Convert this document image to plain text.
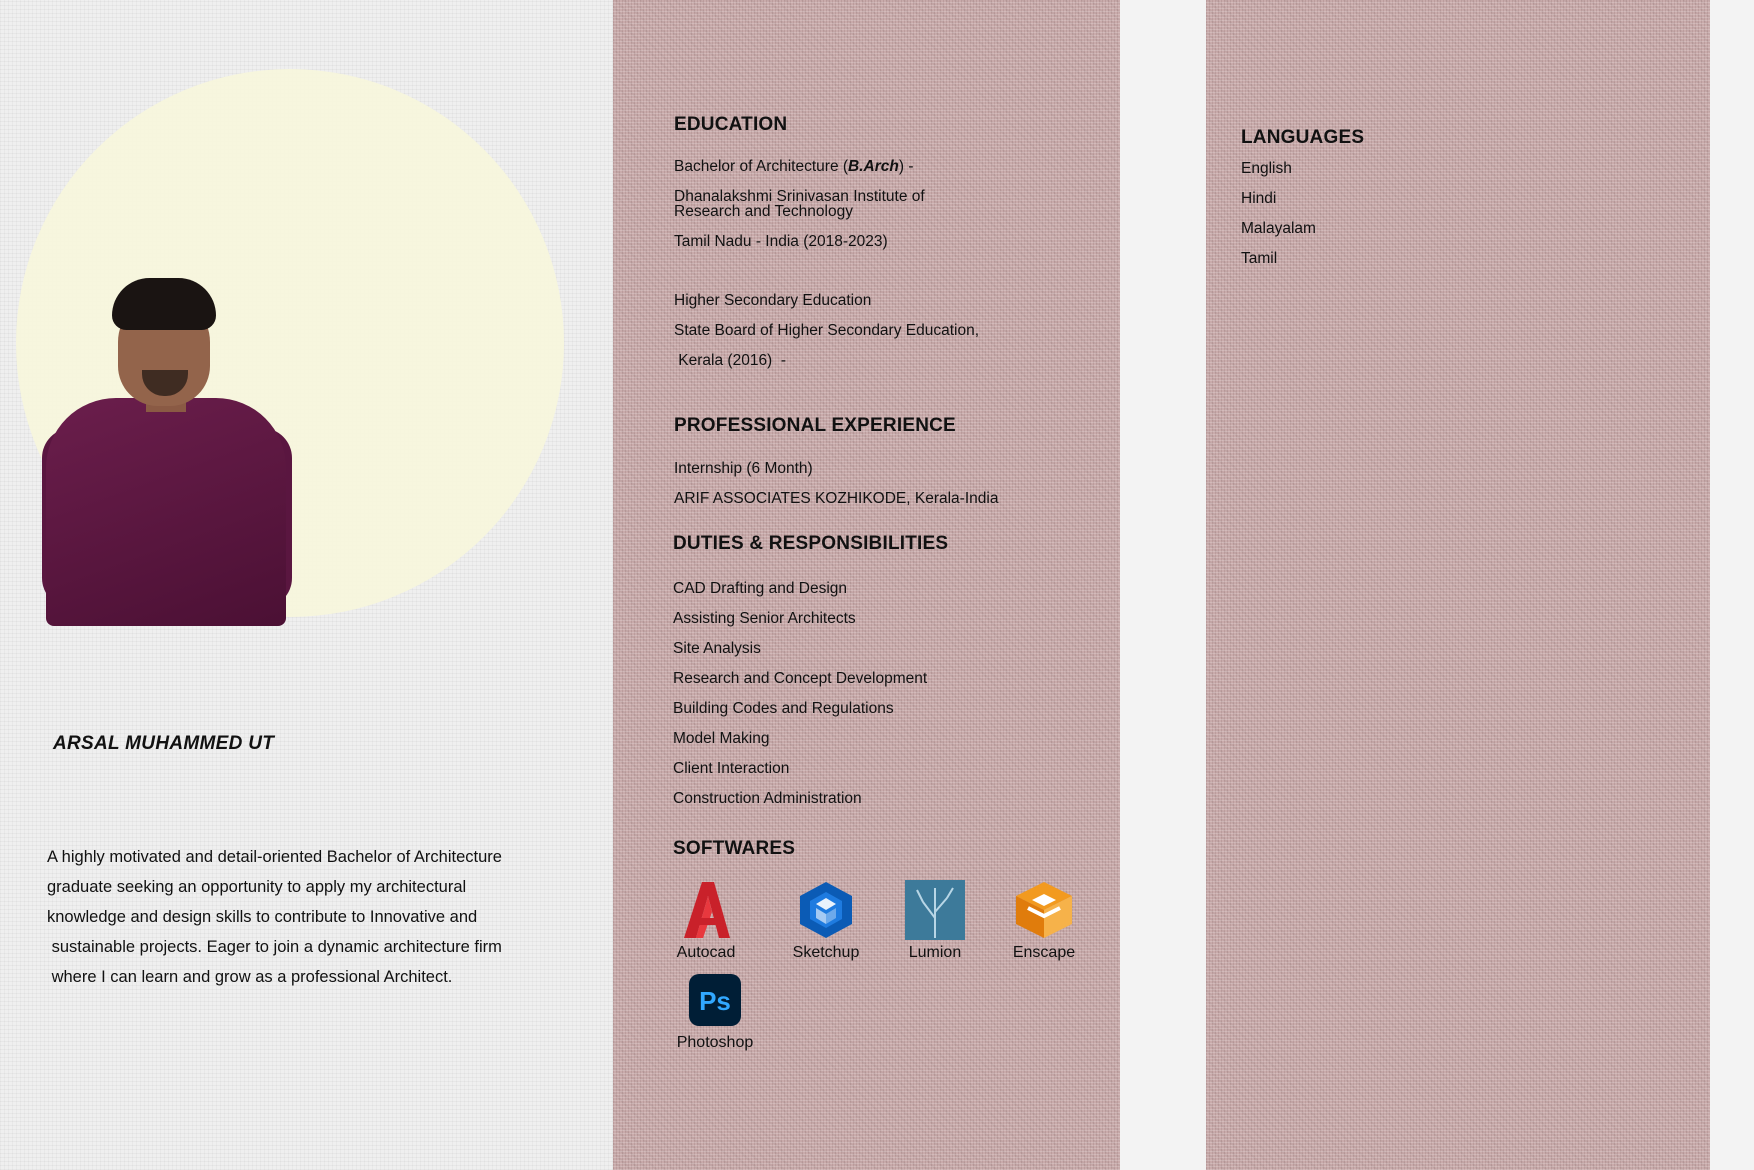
ARSAL MUHAMMED UT
A highly motivated and detail-oriented Bachelor of Architecture
graduate seeking an opportunity to apply my architectural
knowledge and design skills to contribute to Innovative and
sustainable projects. Eager to join a dynamic architecture firm
where I can learn and grow as a professional Architect.
EDUCATION
Bachelor of Architecture (B.Arch) -
Dhanalakshmi Srinivasan Institute of
Research and Technology
Tamil Nadu - India (2018-2023)
Higher Secondary Education
State Board of Higher Secondary Education,
Kerala (2016)  -
PROFESSIONAL EXPERIENCE
Internship (6 Month)
ARIF ASSOCIATES KOZHIKODE, Kerala-India
DUTIES & RESPONSIBILITIES
CAD Drafting and Design
Assisting Senior Architects
Site Analysis
Research and Concept Development
Building Codes and Regulations
Model Making
Client Interaction
Construction Administration
SOFTWARES
Autocad	Sketchup	Lumion	Enscape
Ps
Photoshop
LANGUAGES
English
Hindi
Malayalam
Tamil
